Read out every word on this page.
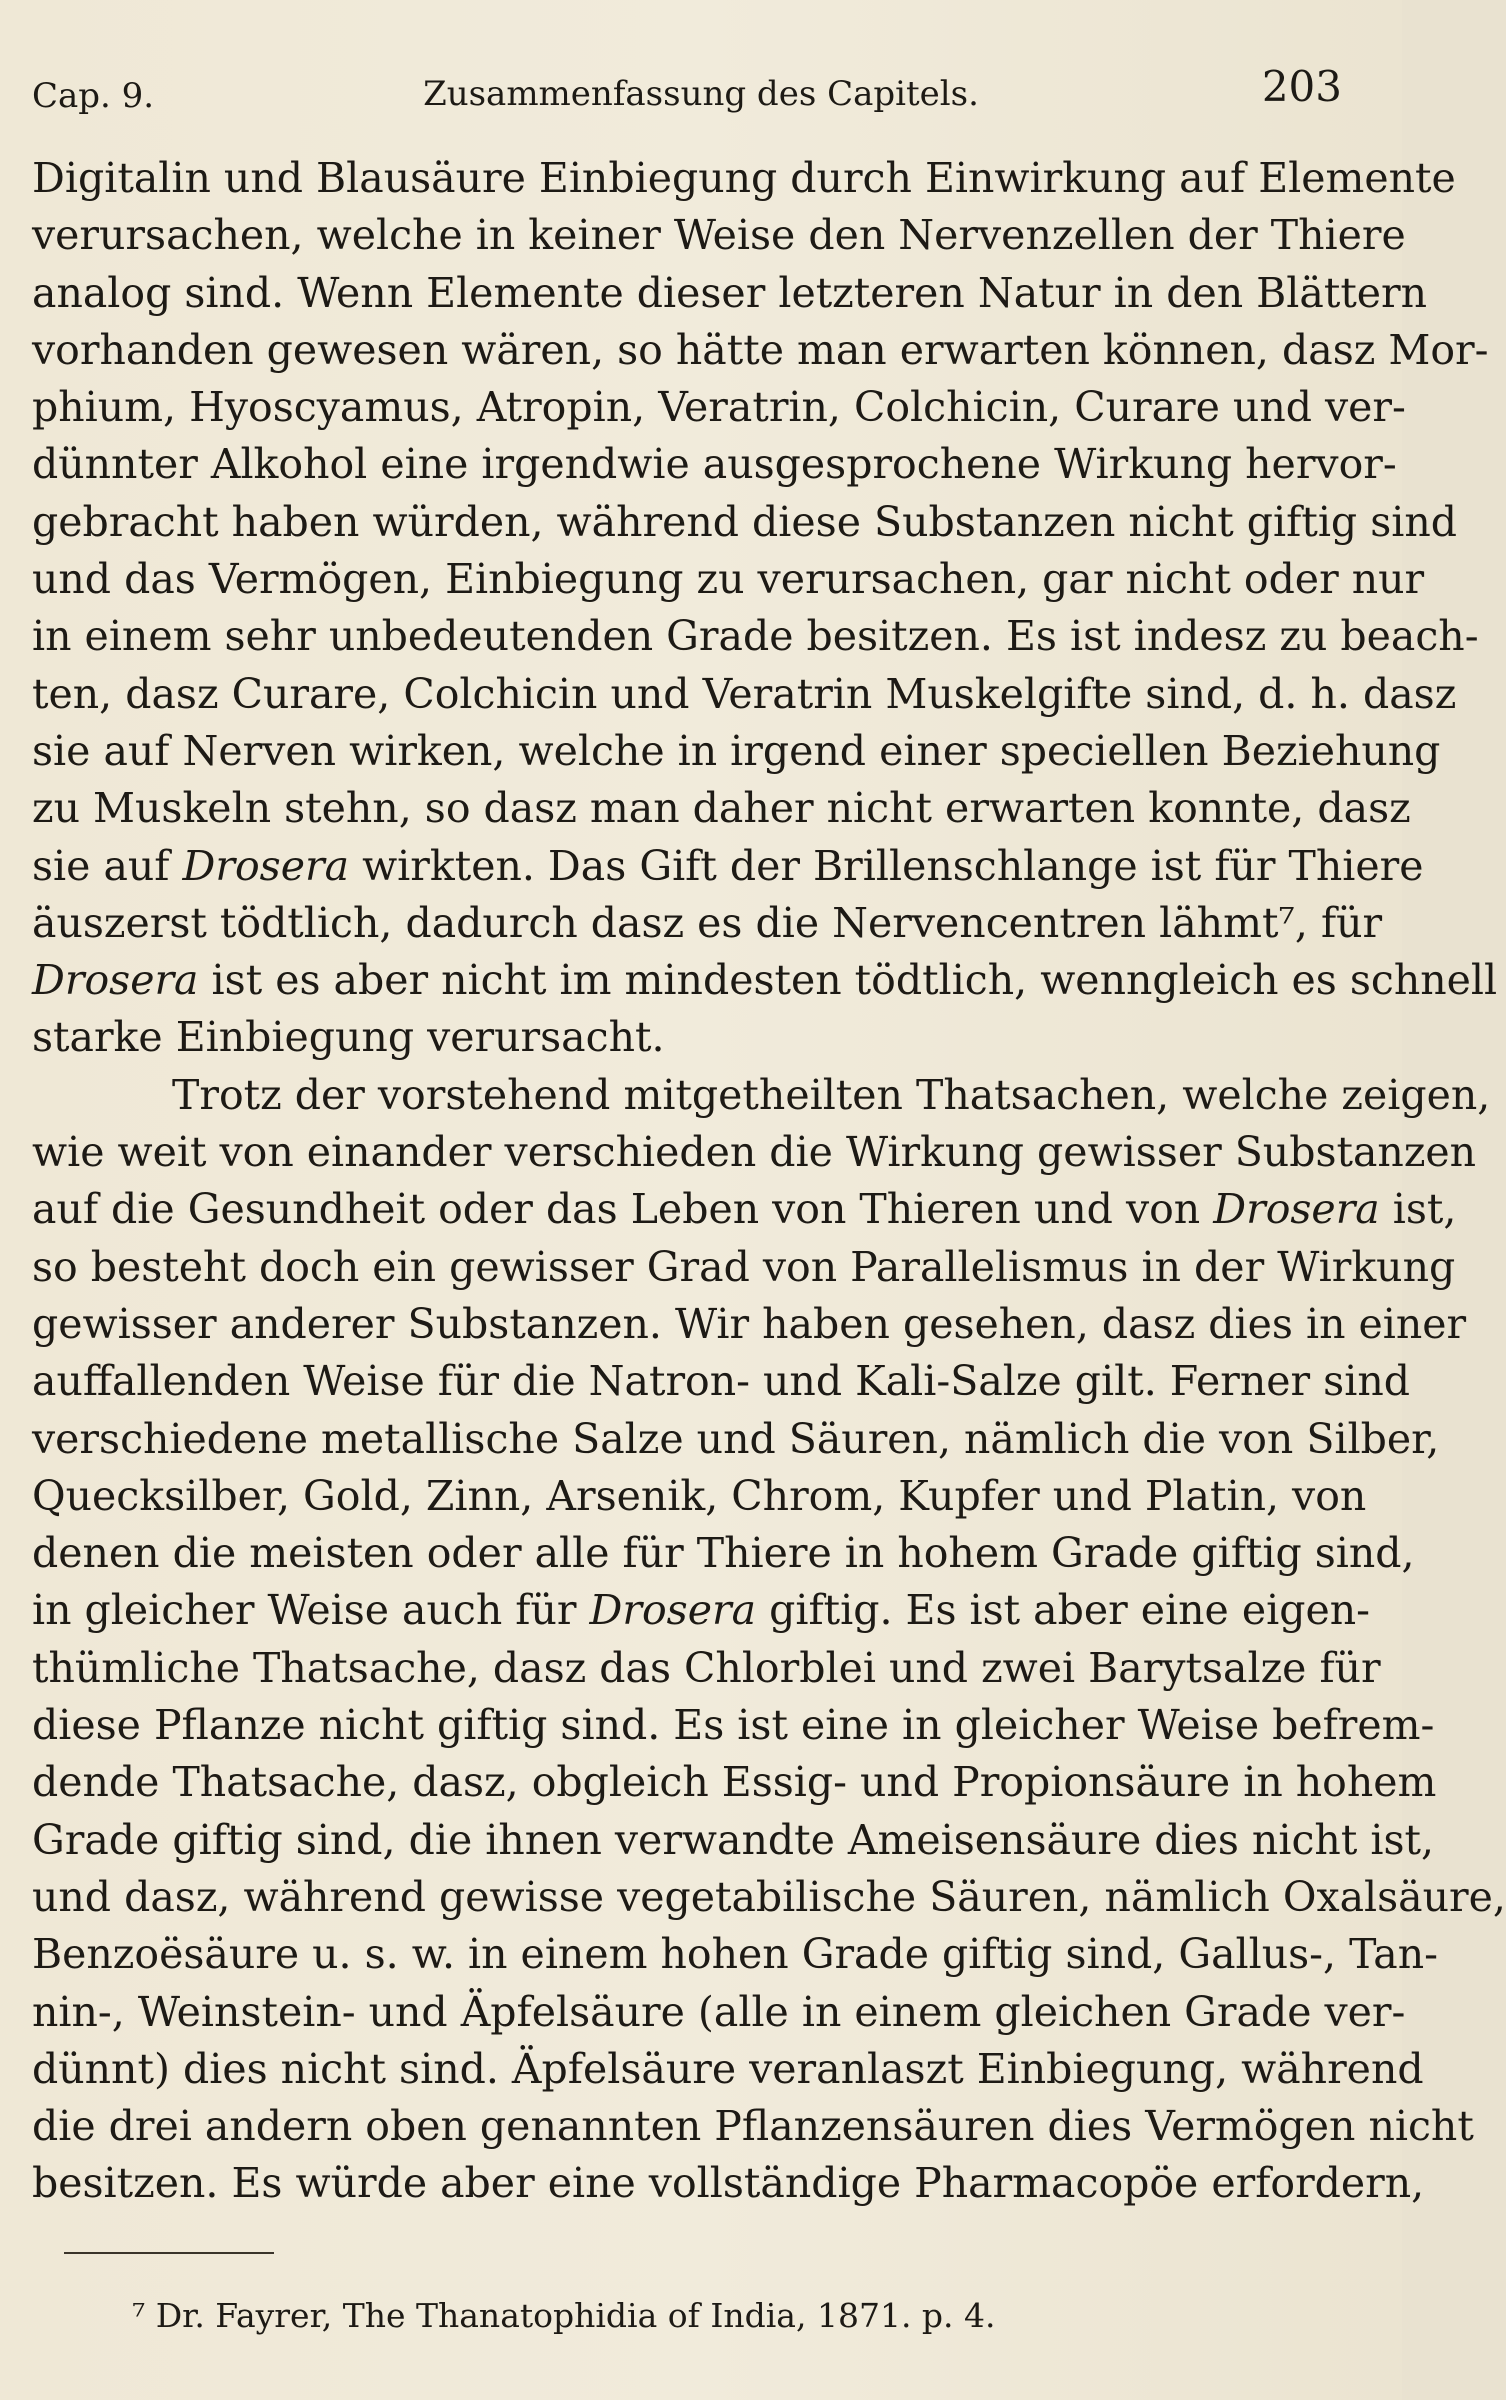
Cap. 9.	Zusammenfassung des Capitels.	203
Digitalin und Blausäure Einbiegung durch Einwirkung auf Elemente
verursachen, welche in keiner Weise den Nervenzellen der Thiere
analog sind. Wenn Elemente dieser letzteren Natur in den Blättern
vorhanden gewesen wären, so hätte man erwarten können, dasz Mor-
phium, Hyoscyamus, Atropin, Veratrin, Colchicin, Curare und ver-
dünnter Alkohol eine irgendwie ausgesprochene Wirkung hervor-
gebracht haben würden, während diese Substanzen nicht giftig sind
und das Vermögen, Einbiegung zu verursachen, gar nicht oder nur
in einem sehr unbedeutenden Grade besitzen. Es ist indesz zu beach-
ten, dasz Curare, Colchicin und Veratrin Muskelgifte sind, d. h. dasz
sie auf Nerven wirken, welche in irgend einer speciellen Beziehung
zu Muskeln stehn, so dasz man daher nicht erwarten konnte, dasz
sie auf Drosera wirkten. Das Gift der Brillenschlange ist für Thiere
äuszerst tödtlich, dadurch dasz es die Nervencentren lähmt⁷, für
Drosera ist es aber nicht im mindesten tödtlich, wenngleich es schnell
starke Einbiegung verursacht.
Trotz der vorstehend mitgetheilten Thatsachen, welche zeigen,
wie weit von einander verschieden die Wirkung gewisser Substanzen
auf die Gesundheit oder das Leben von Thieren und von Drosera ist,
so besteht doch ein gewisser Grad von Parallelismus in der Wirkung
gewisser anderer Substanzen. Wir haben gesehen, dasz dies in einer
auffallenden Weise für die Natron- und Kali-Salze gilt. Ferner sind
verschiedene metallische Salze und Säuren, nämlich die von Silber,
Quecksilber, Gold, Zinn, Arsenik, Chrom, Kupfer und Platin, von
denen die meisten oder alle für Thiere in hohem Grade giftig sind,
in gleicher Weise auch für Drosera giftig. Es ist aber eine eigen-
thümliche Thatsache, dasz das Chlorblei und zwei Barytsalze für
diese Pflanze nicht giftig sind. Es ist eine in gleicher Weise befrem-
dende Thatsache, dasz, obgleich Essig- und Propionsäure in hohem
Grade giftig sind, die ihnen verwandte Ameisensäure dies nicht ist,
und dasz, während gewisse vegetabilische Säuren, nämlich Oxalsäure,
Benzoësäure u. s. w. in einem hohen Grade giftig sind, Gallus-, Tan-
nin-, Weinstein- und Äpfelsäure (alle in einem gleichen Grade ver-
dünnt) dies nicht sind. Äpfelsäure veranlaszt Einbiegung, während
die drei andern oben genannten Pflanzensäuren dies Vermögen nicht
besitzen. Es würde aber eine vollständige Pharmacopöe erfordern,
⁷ Dr. Fayrer, The Thanatophidia of India, 1871. p. 4.
